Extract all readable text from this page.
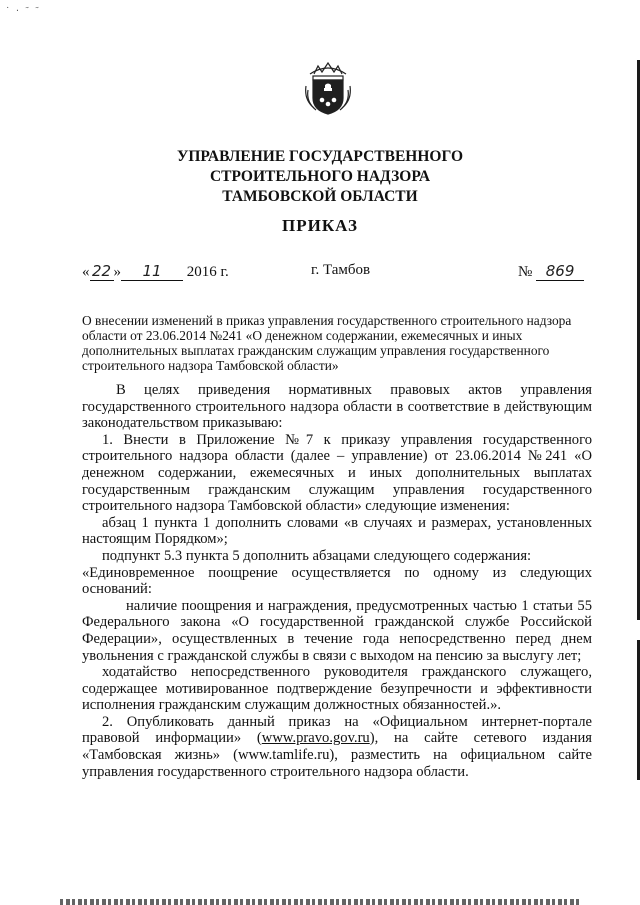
˙ ‧ ˜ ˜
УПРАВЛЕНИЕ ГОСУДАРСТВЕННОГО
СТРОИТЕЛЬНОГО НАДЗОРА
ТАМБОВСКОЙ ОБЛАСТИ
ПРИКАЗ
« 22 » 11 2016 г.	г. Тамбов	№ 869
О внесении изменений в приказ управления государственного строительного надзора области от 23.06.2014 №241 «О денежном содержании, ежемесячных и иных дополнительных выплатах гражданским служащим управления государственного строительного надзора Тамбовской области»

В целях приведения нормативных правовых актов управления государственного строительного надзора области в соответствие в действующим законодательством приказываю:

1. Внести в Приложение №7 к приказу управления государственного строительного надзора области (далее – управление) от 23.06.2014 №241 «О денежном содержании, ежемесячных и иных дополнительных выплатах государственным гражданским служащим управления государственного строительного надзора Тамбовской области» следующие изменения:

абзац 1 пункта 1 дополнить словами «в случаях и размерах, установленных настоящим Порядком»;

подпункт 5.3 пункта 5 дополнить абзацами следующего содержания:

«Единовременное поощрение осуществляется по одному из следующих оснований:

наличие поощрения и награждения, предусмотренных частью 1 статьи 55 Федерального закона «О государственной гражданской службе Российской Федерации», осуществленных в течение года непосредственно перед днем увольнения с гражданской службы в связи с выходом на пенсию за выслугу лет;

ходатайство непосредственного руководителя гражданского служащего, содержащее мотивированное подтверждение безупречности и эффективности исполнения гражданским служащим должностных обязанностей.».

2. Опубликовать данный приказ на «Официальном интернет-портале правовой информации» (www.pravo.gov.ru), на сайте сетевого издания «Тамбовская жизнь» (www.tamlife.ru), разместить на официальном сайте управления государственного строительного надзора области.
